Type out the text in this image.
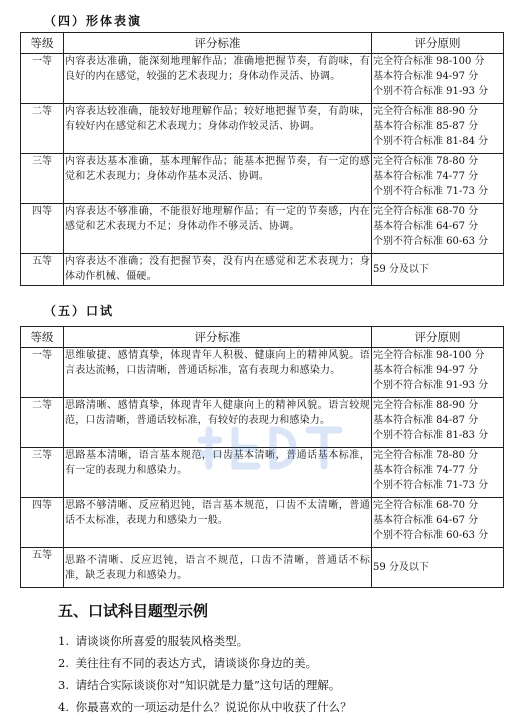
（四）形体表演
等级	评分标准	评分原则
一等	内容表达准确，能深刻地理解作品；准确地把握节奏，有韵味，有良好的内在感觉，较强的艺术表现力；身体动作灵活、协调。	完全符合标准 98-100 分
基本符合标准 94-97 分
个别不符合标准 91-93 分

二等	内容表达较准确，能较好地理解作品；较好地把握节奏，有韵味，有较好内在感觉和艺术表现力；身体动作较灵活、协调。	完全符合标准 88-90 分
基本符合标准 85-87 分
个别不符合标准 81-84 分

三等	内容表达基本准确，基本理解作品；能基本把握节奏，有一定的感觉和艺术表现力；身体动作基本灵活、协调。	完全符合标准 78-80 分
基本符合标准 74-77 分
个别不符合标准 71-73 分

四等	内容表达不够准确，不能很好地理解作品；有一定的节奏感，内在感觉和艺术表现力不足；身体动作不够灵活、协调。	完全符合标准 68-70 分
基本符合标准 64-67 分
个别不符合标准 60-63 分

五等	内容表达不准确；没有把握节奏，没有内在感觉和艺术表现力；身体动作机械、僵硬。	59 分及以下
（五）口试
等级	评分标准	评分原则
一等	思维敏捷、感情真挚，体现青年人积极、健康向上的精神风貌。语言表达流畅，口齿清晰，普通话标准，富有表现力和感染力。	完全符合标准 98-100 分
基本符合标准 94-97 分
个别不符合标准 91-93 分

二等	思路清晰、感情真挚，体现青年人健康向上的精神风貌。语言较规范，口齿清晰，普通话较标准，有较好的表现力和感染力。	完全符合标准 88-90 分
基本符合标准 84-87 分
个别不符合标准 81-83 分

三等	思路基本清晰，语言基本规范，口齿基本清晰，普通话基本标准，有一定的表现力和感染力。	完全符合标准 78-80 分
基本符合标准 74-77 分
个别不符合标准 71-73 分

四等	思路不够清晰、反应稍迟钝，语言基本规范，口齿不太清晰，普通话不太标准，表现力和感染力一般。	完全符合标准 68-70 分
基本符合标准 64-67 分
个别不符合标准 60-63 分

五等	思路不清晰、反应迟钝，语言不规范，口齿不清晰，普通话不标准，缺乏表现力和感染力。	59 分及以下
五、口试科目题型示例
1. 请谈谈你所喜爱的服装风格类型。
2. 美往往有不同的表达方式，请谈谈你身边的美。
3. 请结合实际谈谈你对“知识就是力量”这句话的理解。
4. 你最喜欢的一项运动是什么？说说你从中收获了什么？
